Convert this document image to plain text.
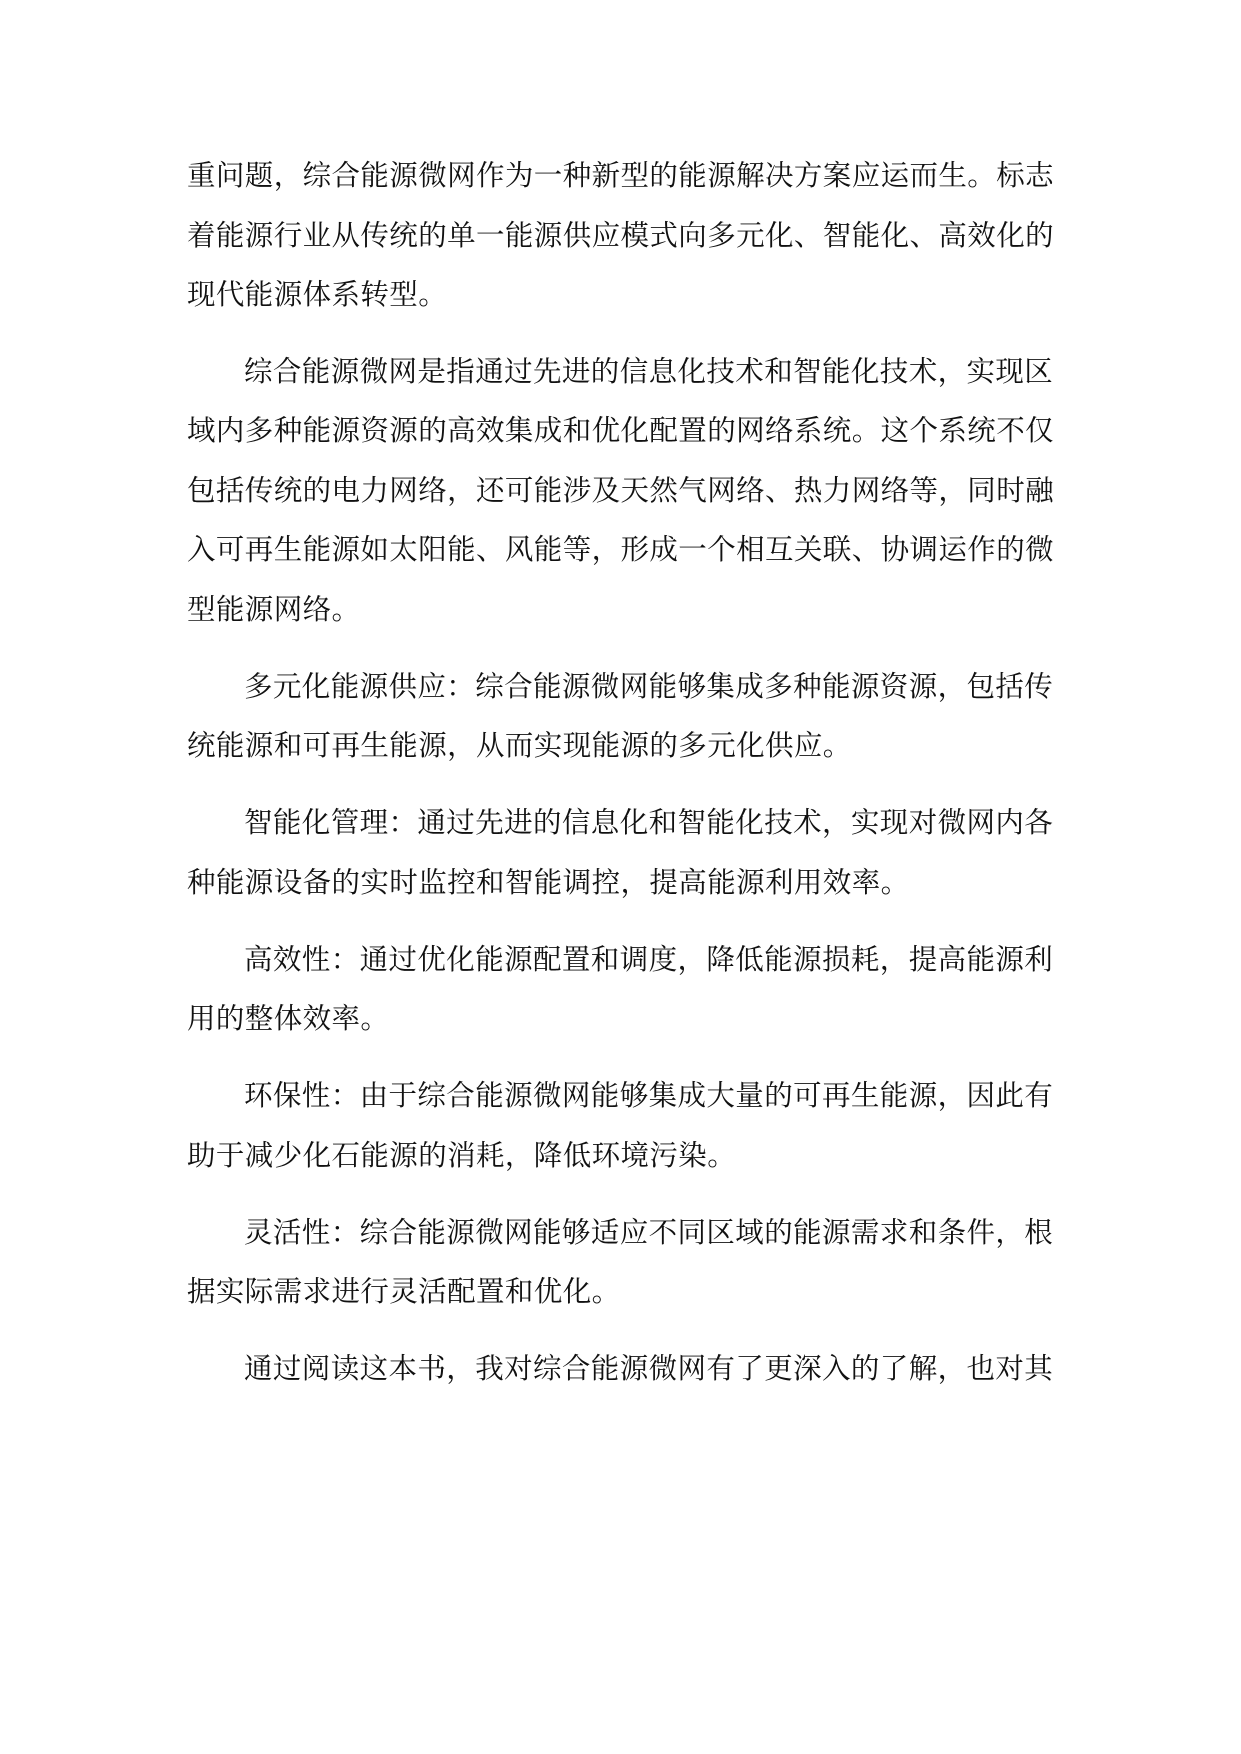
重问题，综合能源微网作为一种新型的能源解决方案应运而生。标志
着能源行业从传统的单一能源供应模式向多元化、智能化、高效化的
现代能源体系转型。
综合能源微网是指通过先进的信息化技术和智能化技术，实现区
域内多种能源资源的高效集成和优化配置的网络系统。这个系统不仅
包括传统的电力网络，还可能涉及天然气网络、热力网络等，同时融
入可再生能源如太阳能、风能等，形成一个相互关联、协调运作的微
型能源网络。
多元化能源供应：综合能源微网能够集成多种能源资源，包括传
统能源和可再生能源，从而实现能源的多元化供应。
智能化管理：通过先进的信息化和智能化技术，实现对微网内各
种能源设备的实时监控和智能调控，提高能源利用效率。
高效性：通过优化能源配置和调度，降低能源损耗，提高能源利
用的整体效率。
环保性：由于综合能源微网能够集成大量的可再生能源，因此有
助于减少化石能源的消耗，降低环境污染。
灵活性：综合能源微网能够适应不同区域的能源需求和条件，根
据实际需求进行灵活配置和优化。
通过阅读这本书，我对综合能源微网有了更深入的了解，也对其
